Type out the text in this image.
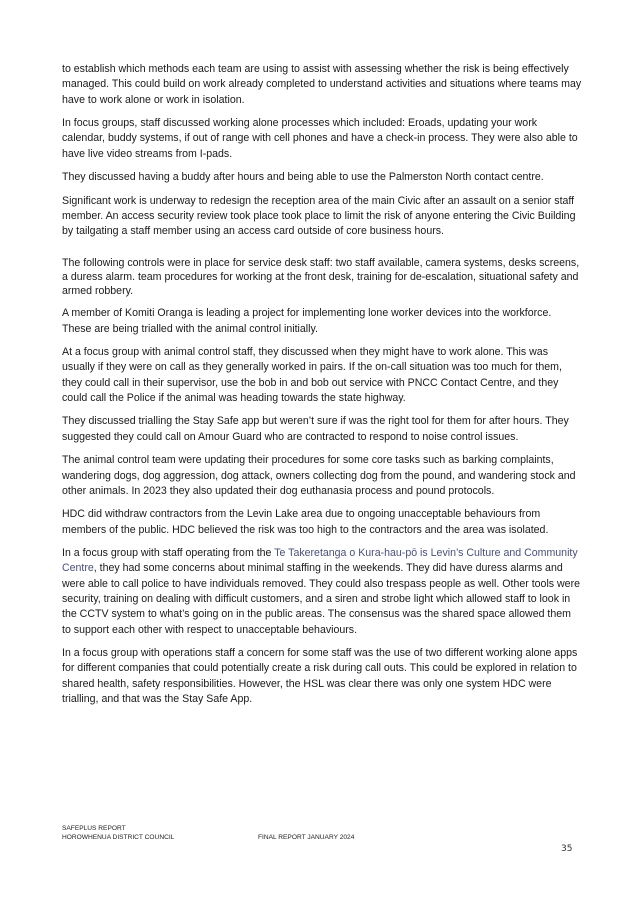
to establish which methods each team are using to assist with assessing whether the risk is being effectively managed. This could build on work already completed to understand activities and situations where teams may have to work alone or work in isolation.

In focus groups, staff discussed working alone processes which included: Eroads, updating your work calendar, buddy systems, if out of range with cell phones and have a check-in process. They were also able to have live video streams from I-pads.

They discussed having a buddy after hours and being able to use the Palmerston North contact centre.

Significant work is underway to redesign the reception area of the main Civic after an assault on a senior staff member. An access security review took place took place to limit the risk of anyone entering the Civic Building by tailgating a staff member using an access card outside of core business hours.

The following controls were in place for service desk staff: two staff available, camera systems, desks screens, a duress alarm. team procedures for working at the front desk, training for de-escalation, situational safety and armed robbery.

A member of Komiti Oranga is leading a project for implementing lone worker devices into the workforce. These are being trialled with the animal control initially.

At a focus group with animal control staff, they discussed when they might have to work alone. This was usually if they were on call as they generally worked in pairs. If the on-call situation was too much for them, they could call in their supervisor, use the bob in and bob out service with PNCC Contact Centre, and they could call the Police if the animal was heading towards the state highway.

They discussed trialling the Stay Safe app but weren’t sure if was the right tool for them for after hours. They suggested they could call on Amour Guard who are contracted to respond to noise control issues.

The animal control team were updating their procedures for some core tasks such as barking complaints, wandering dogs, dog aggression, dog attack, owners collecting dog from the pound, and wandering stock and other animals. In 2023 they also updated their dog euthanasia process and pound protocols.

HDC did withdraw contractors from the Levin Lake area due to ongoing unacceptable behaviours from members of the public. HDC believed the risk was too high to the contractors and the area was isolated.

In a focus group with staff operating from the Te Takeretanga o Kura-hau-pō is Levin’s Culture and Community Centre, they had some concerns about minimal staffing in the weekends. They did have duress alarms and were able to call police to have individuals removed. They could also trespass people as well. Other tools were security, training on dealing with difficult customers, and a siren and strobe light which allowed staff to look in the CCTV system to what’s going on in the public areas. The consensus was the shared space allowed them to support each other with respect to unacceptable behaviours.

In a focus group with operations staff a concern for some staff was the use of two different working alone apps for different companies that could potentially create a risk during call outs. This could be explored in relation to shared health, safety responsibilities. However, the HSL was clear there was only one system HDC were trialling, and that was the Stay Safe App.

SAFEPLUS REPORT
HOROWHENUA DISTRICT COUNCIL	FINAL REPORT JANUARY 2024
35
